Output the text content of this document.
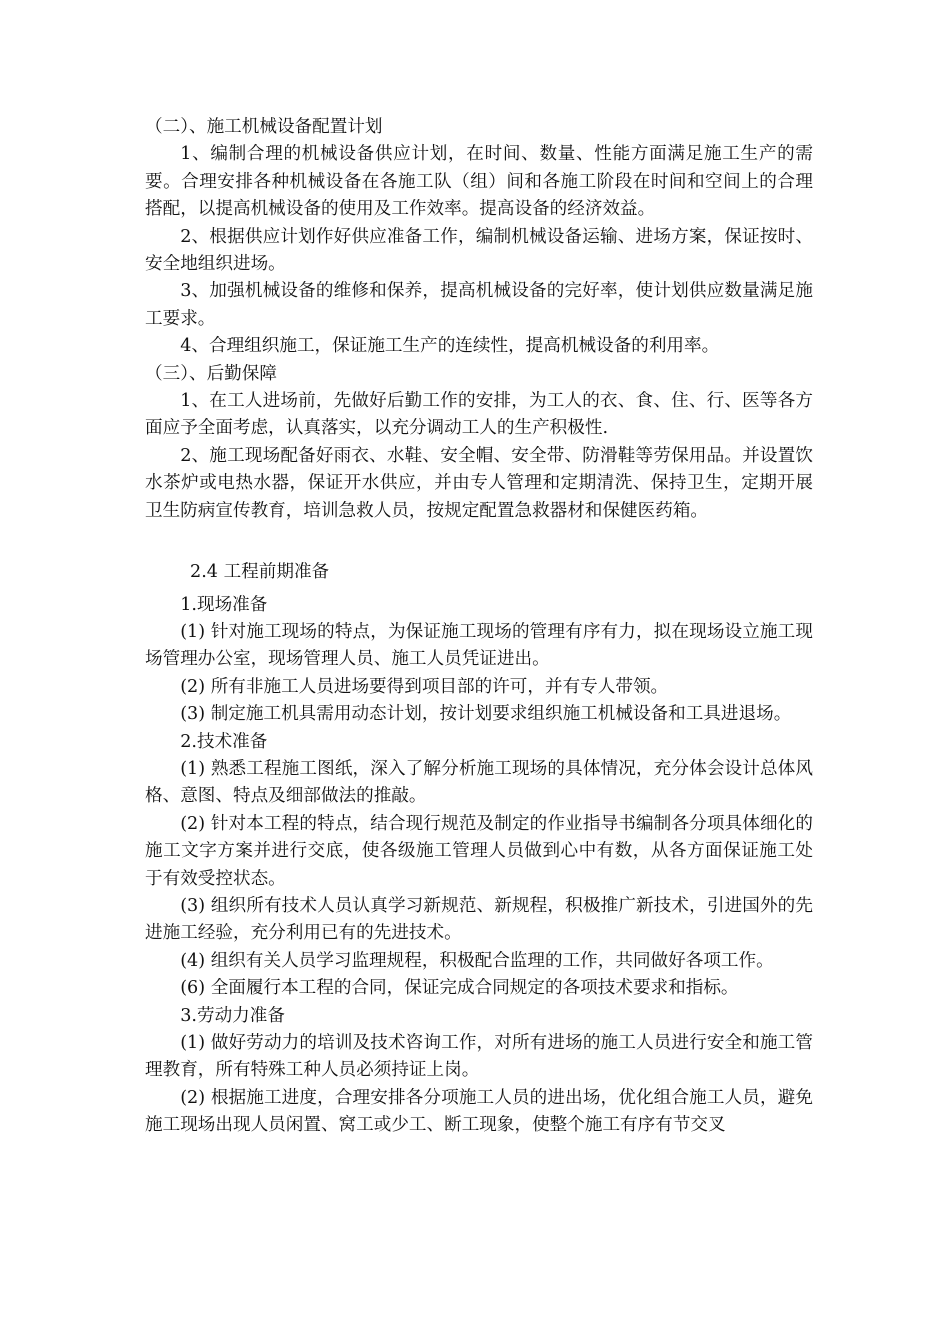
（二）、施工机械设备配置计划

1、编制合理的机械设备供应计划，在时间、数量、性能方面满足施工生产的需要。合理安排各种机械设备在各施工队（组）间和各施工阶段在时间和空间上的合理搭配，以提高机械设备的使用及工作效率。提高设备的经济效益。

2、根据供应计划作好供应准备工作，编制机械设备运输、进场方案，保证按时、安全地组织进场。

3、加强机械设备的维修和保养，提高机械设备的完好率，使计划供应数量满足施工要求。

4、合理组织施工，保证施工生产的连续性，提高机械设备的利用率。

（三）、后勤保障

1、在工人进场前，先做好后勤工作的安排，为工人的衣、食、住、行、医等各方面应予全面考虑，认真落实，以充分调动工人的生产积极性.

2、施工现场配备好雨衣、水鞋、安全帽、安全带、防滑鞋等劳保用品。并设置饮水茶炉或电热水器，保证开水供应，并由专人管理和定期清洗、保持卫生，定期开展卫生防病宣传教育，培训急救人员，按规定配置急救器材和保健医药箱。

2.4 工程前期准备

1.现场准备

(1) 针对施工现场的特点，为保证施工现场的管理有序有力，拟在现场设立施工现场管理办公室，现场管理人员、施工人员凭证进出。

(2) 所有非施工人员进场要得到项目部的许可，并有专人带领。

(3) 制定施工机具需用动态计划，按计划要求组织施工机械设备和工具进退场。

2.技术准备

(1) 熟悉工程施工图纸，深入了解分析施工现场的具体情况，充分体会设计总体风格、意图、特点及细部做法的推敲。

(2) 针对本工程的特点，结合现行规范及制定的作业指导书编制各分项具体细化的施工文字方案并进行交底，使各级施工管理人员做到心中有数，从各方面保证施工处于有效受控状态。

(3) 组织所有技术人员认真学习新规范、新规程，积极推广新技术，引进国外的先进施工经验，充分利用已有的先进技术。

(4) 组织有关人员学习监理规程，积极配合监理的工作，共同做好各项工作。

(6) 全面履行本工程的合同，保证完成合同规定的各项技术要求和指标。

3.劳动力准备

(1) 做好劳动力的培训及技术咨询工作，对所有进场的施工人员进行安全和施工管理教育，所有特殊工种人员必须持证上岗。

(2) 根据施工进度，合理安排各分项施工人员的进出场，优化组合施工人员，避免施工现场出现人员闲置、窝工或少工、断工现象，使整个施工有序有节交叉
